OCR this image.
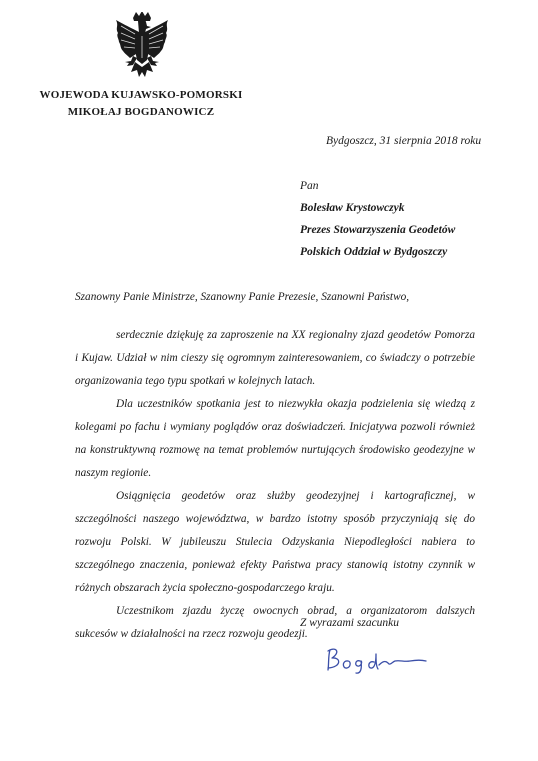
WOJEWODA KUJAWSKO-POMORSKI
MIKOŁAJ BOGDANOWICZ
Bydgoszcz, 31 sierpnia 2018 roku
Pan
Bolesław Krystowczyk
Prezes Stowarzyszenia Geodetów
Polskich Oddział w Bydgoszczy
Szanowny Panie Ministrze, Szanowny Panie Prezesie, Szanowni Państwo,

serdecznie dziękuję za zaproszenie na XX regionalny zjazd geodetów Pomorza i Kujaw. Udział w nim cieszy się ogromnym zainteresowaniem, co świadczy o potrzebie organizowania tego typu spotkań w kolejnych latach.

Dla uczestników spotkania jest to niezwykła okazja podzielenia się wiedzą z kolegami po fachu i wymiany poglądów oraz doświadczeń. Inicjatywa pozwoli również na konstruktywną rozmowę na temat problemów nurtujących środowisko geodezyjne w naszym regionie.

Osiągnięcia geodetów oraz służby geodezyjnej i kartograficznej, w szczególności naszego województwa, w bardzo istotny sposób przyczyniają się do rozwoju Polski. W jubileuszu Stulecia Odzyskania Niepodległości nabiera to szczególnego znaczenia, ponieważ efekty Państwa pracy stanowią istotny czynnik w różnych obszarach życia społeczno-gospodarczego kraju.

Uczestnikom zjazdu życzę owocnych obrad, a organizatorom dalszych sukcesów w działalności na rzecz rozwoju geodezji.

Z wyrazami szacunku
